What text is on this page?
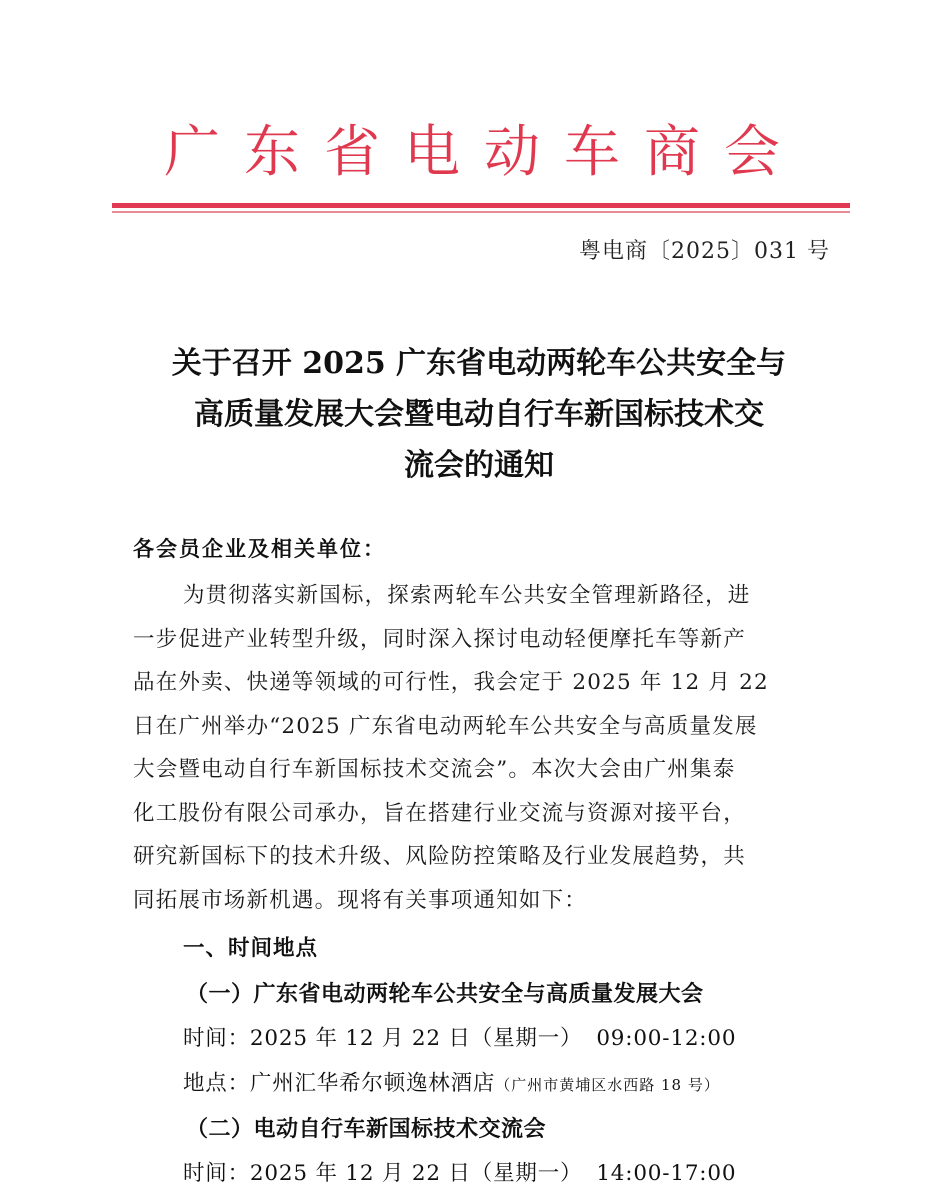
广东省电动车商会
粤电商〔2025〕031 号
关于召开 2025 广东省电动两轮车公共安全与
高质量发展大会暨电动自行车新国标技术交
流会的通知
各会员企业及相关单位：
为贯彻落实新国标，探索两轮车公共安全管理新路径，进
一步促进产业转型升级，同时深入探讨电动轻便摩托车等新产
品在外卖、快递等领域的可行性，我会定于 2025 年 12 月 22
日在广州举办“2025 广东省电动两轮车公共安全与高质量发展
大会暨电动自行车新国标技术交流会”。本次大会由广州集泰
化工股份有限公司承办，旨在搭建行业交流与资源对接平台，
研究新国标下的技术升级、风险防控策略及行业发展趋势，共
同拓展市场新机遇。现将有关事项通知如下：
一、时间地点
（一）广东省电动两轮车公共安全与高质量发展大会
时间：2025 年 12 月 22 日（星期一） 09:00-12:00
地点：广州汇华希尔顿逸林酒店（广州市黄埔区水西路 18 号）
（二）电动自行车新国标技术交流会
时间：2025 年 12 月 22 日（星期一） 14:00-17:00
